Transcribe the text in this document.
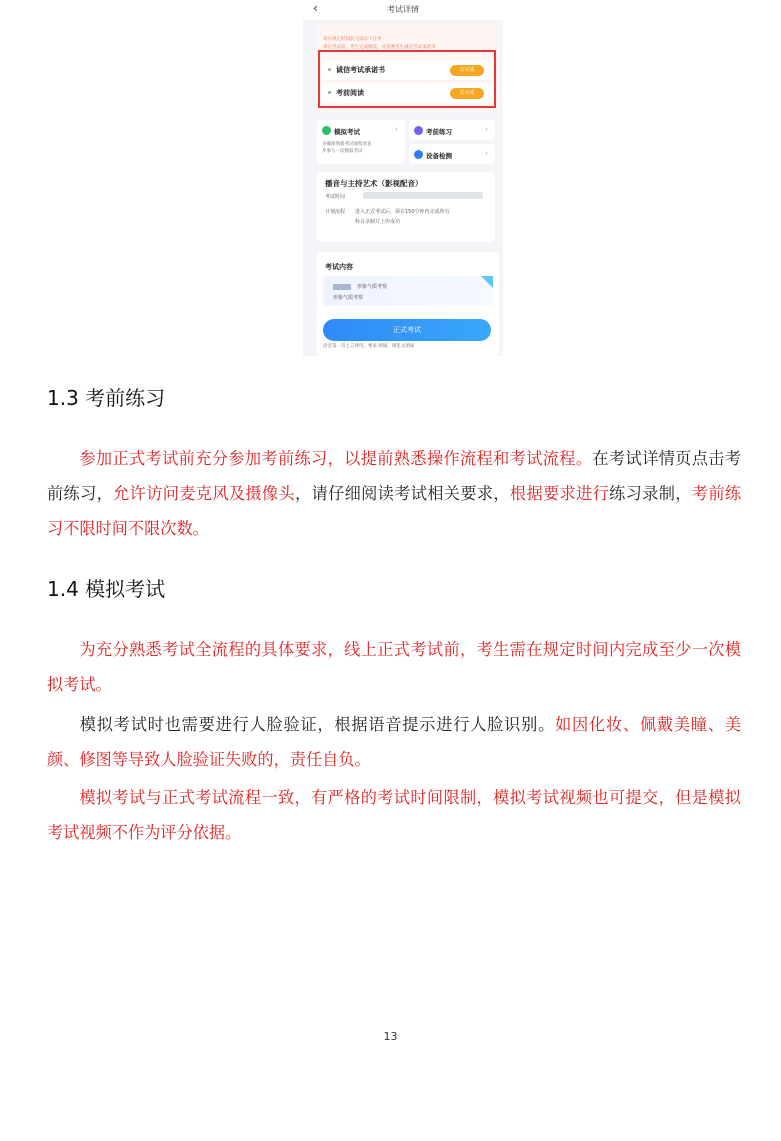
‹	考试详情
请在规定时间前完成以下任务
请在考试前，考生完成阅读，并签署考生诚信考试承诺书
诚信考试承诺书	去完成
考前阅读	去完成
模拟考试	›
为确保熟悉考试流程请直
步参与一次模拟考试
考前练习	›
设备检测	›
播音与主持艺术（影视配音）
考试时间
计划流程 进入正式考试后，须在150分钟内完成所有
科目录制并上传成功
考试内容
形象气质考察
形象气质考察
正式考试
语音第一首七言律诗、要求 朗诵、规范文朗诵
1.3 考前练习
参加正式考试前充分参加考前练习，以提前熟悉操作流程和考试流程。在考试详情页点击考前练习，允许访问麦克风及摄像头，请仔细阅读考试相关要求，根据要求进行练习录制，考前练习不限时间不限次数。
1.4 模拟考试
为充分熟悉考试全流程的具体要求，线上正式考试前，考生需在规定时间内完成至少一次模拟考试。
模拟考试时也需要进行人脸验证，根据语音提示进行人脸识别。如因化妆、佩戴美瞳、美颜、修图等导致人脸验证失败的，责任自负。
模拟考试与正式考试流程一致，有严格的考试时间限制，模拟考试视频也可提交，但是模拟考试视频不作为评分依据。
13
